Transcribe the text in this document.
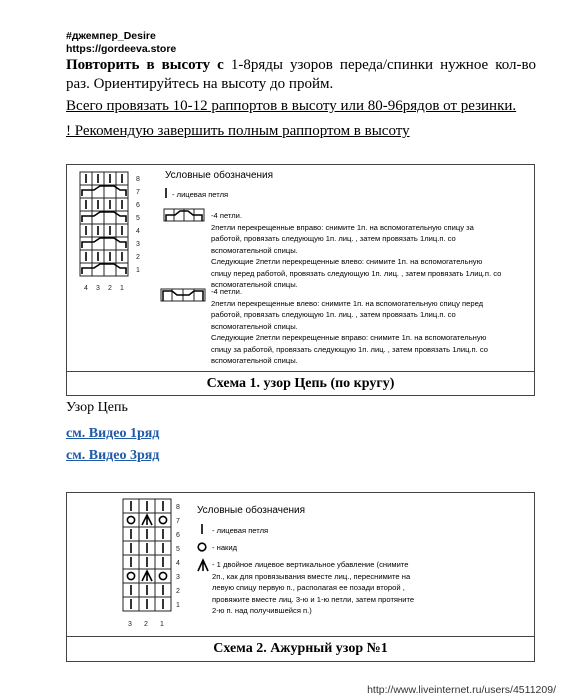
#джемпер_Desire
https://gordeeva.store
Повторить в высоту с 1-8ряды узоров переда/спинки нужное кол-во раз. Ориентируйтесь на высоту до пройм.
Всего провязать 10-12 раппортов в высоту или 80-96рядов от резинки.
! Рекомендую завершить полным раппортом в высоту
8
7
6
5
4
3
2
1
4 3 2 1
Условные обозначения
- лицевая петля
-4 петли.
2петли перекрещенные вправо: снимите 1п. на вспомогательную спицу за
работой, провязать следующую 1п. лиц. , затем провязать 1лиц.п. со
вспомогательной спицы.
Следующие 2петли перекрещенные влево: снимите 1п. на вспомогательную
спицу перед работой, провязать следующую 1п. лиц. , затем провязать 1лиц.п. со
вспомогательной спицы.
-4 петли.
2петли перекрещенные влево: снимите 1п. на вспомогательную спицу перед
работой, провязать следующую 1п. лиц. , затем провязать 1лиц.п. со
вспомогательной спицы.
Следующие 2петли перекрещенные вправо: снимите 1п. на вспомогательную
спицу за работой, провязать следующую 1п. лиц. , затем провязать 1лиц.п. со
вспомогательной спицы.
Схема 1. узор Цепь (по кругу)
Узор Цепь
см. Видео 1ряд
см. Видео 3ряд
8
7
6
5
4
3
2
1
3 2 1
Условные обозначения
- лицевая петля
- накид
- 1 двойное лицевое вертикальное убавление (снимите
2п., как для провязывания вместе лиц., переснимите на
левую спицу первую п., располагая ее позади второй ,
провяжите вместе лиц. 3-ю и 1-ю петли, затем протяните
2-ю п. над получившейся п.)
Схема 2. Ажурный узор №1
http://www.liveinternet.ru/users/4511209/
